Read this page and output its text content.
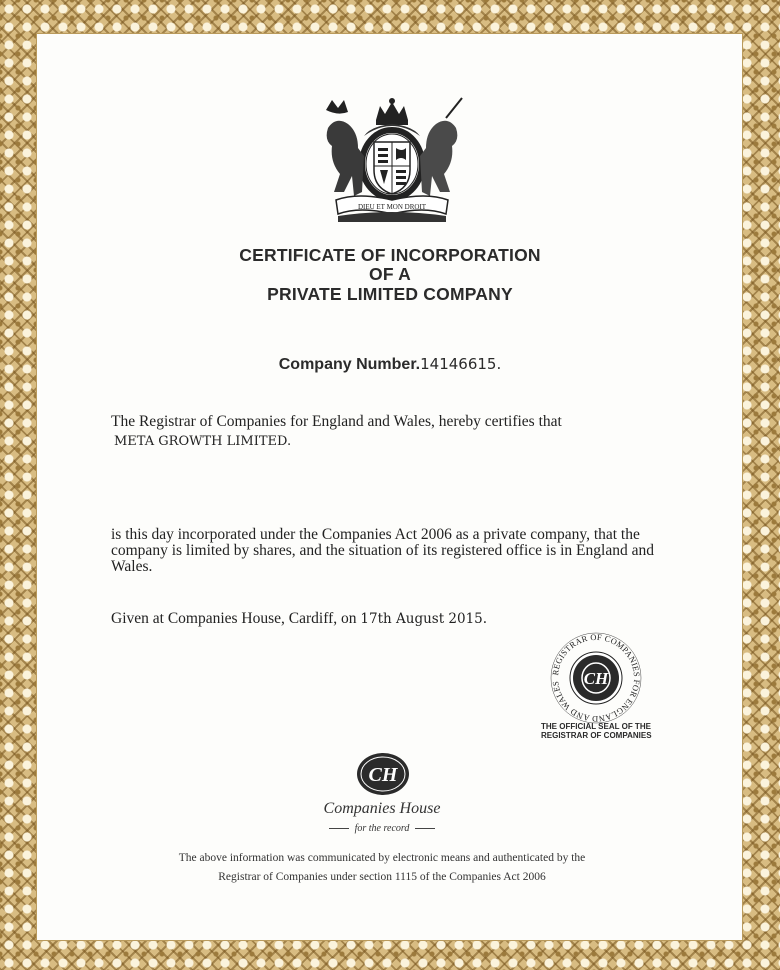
DIEU ET MON DROIT
CERTIFICATE OF INCORPORATION
OF A
PRIVATE LIMITED COMPANY
Company Number.14146615.
The Registrar of Companies for England and Wales, hereby certifies that
META GROWTH LIMITED.
is this day incorporated under the Companies Act 2006 as a private company, that the company is limited by shares, and the situation of its registered office is in England and Wales.
Given at Companies House, Cardiff, on 17th August 2015.
REGISTRAR OF COMPANIES FOR ENGLAND AND WALES	CH
THE OFFICIAL SEAL OF THE
REGISTRAR OF COMPANIES
CH
Companies House
for the record
The above information was communicated by electronic means and authenticated by the
Registrar of Companies under section 1115 of the Companies Act 2006
